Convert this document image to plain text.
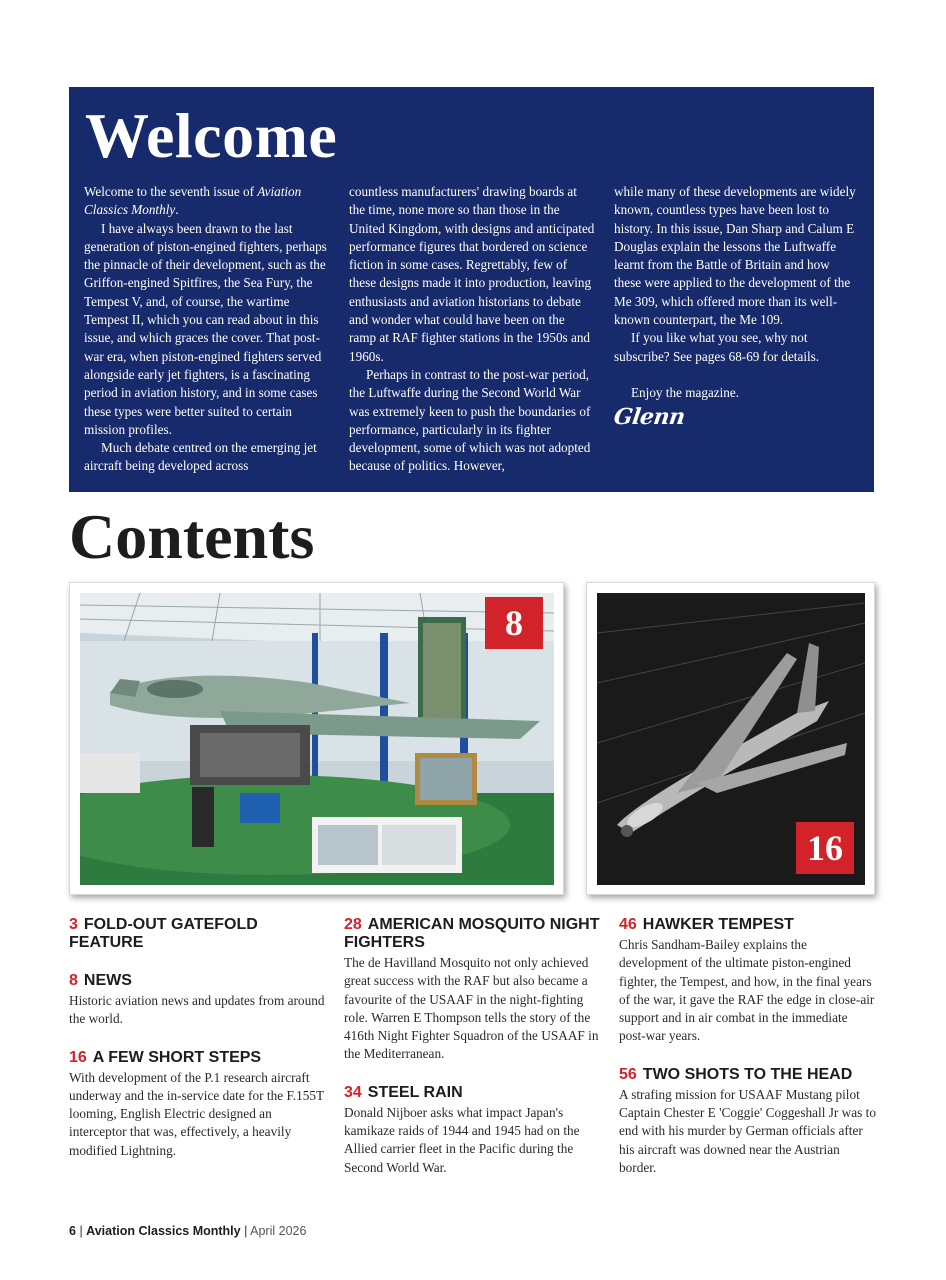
Welcome

Welcome to the seventh issue of Aviation Classics Monthly.

I have always been drawn to the last generation of piston-engined fighters, perhaps the pinnacle of their development, such as the Griffon-engined Spitfires, the Sea Fury, the Tempest V, and, of course, the wartime Tempest II, which you can read about in this issue, and which graces the cover. That post-war era, when piston-engined fighters served alongside early jet fighters, is a fascinating period in aviation history, and in some cases these types were better suited to certain mission profiles.

Much debate centred on the emerging jet aircraft being developed across

countless manufacturers' drawing boards at the time, none more so than those in the United Kingdom, with designs and anticipated performance figures that bordered on science fiction in some cases. Regrettably, few of these designs made it into production, leaving enthusiasts and aviation historians to debate and wonder what could have been on the ramp at RAF fighter stations in the 1950s and 1960s.

Perhaps in contrast to the post-war period, the Luftwaffe during the Second World War was extremely keen to push the boundaries of performance, particularly in its fighter development, some of which was not adopted because of politics. However,

while many of these developments are widely known, countless types have been lost to history. In this issue, Dan Sharp and Calum E Douglas explain the lessons the Luftwaffe learnt from the Battle of Britain and how these were applied to the development of the Me 309, which offered more than its well-known counterpart, the Me 109.

If you like what you see, why not subscribe? See pages 68-69 for details.

Enjoy the magazine.

Glenn
Contents
8
16
3 FOLD-OUT GATEFOLD FEATURE
8 NEWS

Historic aviation news and updates from around the world.

16 A FEW SHORT STEPS

With development of the P.1 research aircraft underway and the in-service date for the F.155T looming, English Electric designed an interceptor that was, effectively, a heavily modified Lightning.

28 AMERICAN MOSQUITO NIGHT FIGHTERS

The de Havilland Mosquito not only achieved great success with the RAF but also became a favourite of the USAAF in the night-fighting role. Warren E Thompson tells the story of the 416th Night Fighter Squadron of the USAAF in the Mediterranean.

34 STEEL RAIN

Donald Nijboer asks what impact Japan's kamikaze raids of 1944 and 1945 had on the Allied carrier fleet in the Pacific during the Second World War.

46 HAWKER TEMPEST

Chris Sandham-Bailey explains the development of the ultimate piston-engined fighter, the Tempest, and how, in the final years of the war, it gave the RAF the edge in close-air support and in air combat in the immediate post-war years.

56 TWO SHOTS TO THE HEAD

A strafing mission for USAAF Mustang pilot Captain Chester E 'Coggie' Coggeshall Jr was to end with his murder by German officials after his aircraft was downed near the Austrian border.

6 | Aviation Classics Monthly | April 2026
